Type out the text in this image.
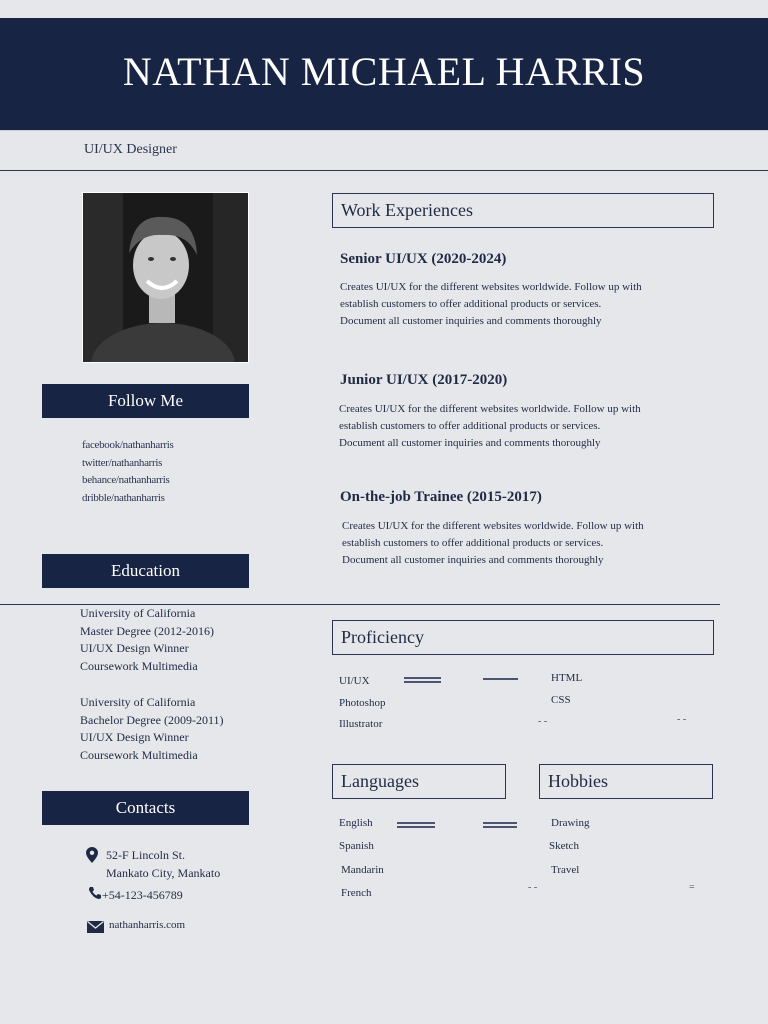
NATHAN MICHAEL HARRIS
UI/UX Designer
Follow Me
facebook/nathanharris
twitter/nathanharris
behance/nathanharris
dribble/nathanharris
Education
University of California
Master Degree (2012-2016)
UI/UX Design Winner
Coursework Multimedia
University of California
Bachelor Degree (2009-2011)
UI/UX Design Winner
Coursework Multimedia
Contacts
52-F Lincoln St.
Mankato City, Mankato
+54-123-456789
nathanharris.com
Work Experiences
Senior UI/UX (2020-2024)
Creates UI/UX for the different websites worldwide. Follow up with
establish customers to offer additional products or services.
Document all customer inquiries and comments thoroughly
Junior UI/UX (2017-2020)
Creates UI/UX for the different websites worldwide. Follow up with
establish customers to offer additional products or services.
Document all customer inquiries and comments thoroughly
On-the-job Trainee (2015-2017)
Creates UI/UX for the different websites worldwide. Follow up with
establish customers to offer additional products or services.
Document all customer inquiries and comments thoroughly
Proficiency
UI/UX
Photoshop
Illustrator
HTML
CSS
- -	- -
Languages
English
Spanish
Mandarin
French	- -
Hobbies
Drawing
Sketch
Travel
=
